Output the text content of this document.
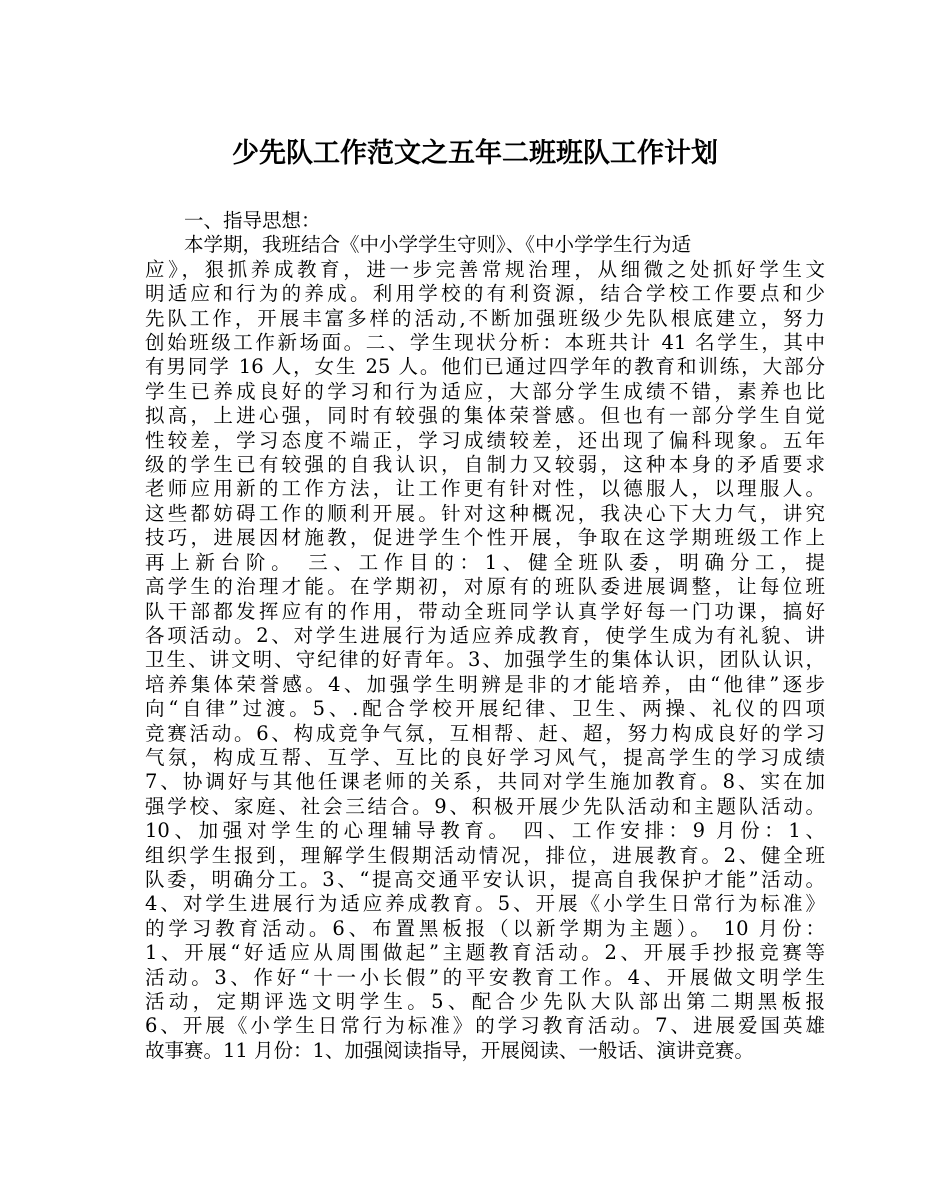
少先队工作范文之五年二班班队工作计划
一、指导思想：
本学期，我班结合《中小学学生守则》、《中小学学生行为适
应》，狠抓养成教育，进一步完善常规治理，从细微之处抓好学生文
明适应和行为的养成。利用学校的有利资源，结合学校工作要点和少
先队工作，开展丰富多样的活动,不断加强班级少先队根底建立，努力
创始班级工作新场面。二、学生现状分析：本班共计 41 名学生，其中
有男同学 16 人，女生 25 人。他们已通过四学年的教育和训练，大部分
学生已养成良好的学习和行为适应，大部分学生成绩不错，素养也比
拟高，上进心强，同时有较强的集体荣誉感。但也有一部分学生自觉
性较差，学习态度不端正，学习成绩较差，还出现了偏科现象。五年
级的学生已有较强的自我认识，自制力又较弱，这种本身的矛盾要求
老师应用新的工作方法，让工作更有针对性，以德服人，以理服人。
这些都妨碍工作的顺利开展。针对这种概况，我决心下大力气，讲究
技巧，进展因材施教，促进学生个性开展，争取在这学期班级工作上
再上新台阶。 三、工作目的：1、健全班队委，明确分工，提
高学生的治理才能。在学期初，对原有的班队委进展调整，让每位班
队干部都发挥应有的作用，带动全班同学认真学好每一门功课，搞好
各项活动。2、对学生进展行为适应养成教育，使学生成为有礼貌、讲
卫生、讲文明、守纪律的好青年。3、加强学生的集体认识，团队认识，
培养集体荣誉感。4、加强学生明辨是非的才能培养，由“他律”逐步
向“自律”过渡。5、.配合学校开展纪律、卫生、两操、礼仪的四项
竞赛活动。6、构成竞争气氛，互相帮、赶、超，努力构成良好的学习
气氛，构成互帮、互学、互比的良好学习风气，提高学生的学习成绩
7、协调好与其他任课老师的关系，共同对学生施加教育。8、实在加
强学校、家庭、社会三结合。9、积极开展少先队活动和主题队活动。
10、加强对学生的心理辅导教育。 四、工作安排：9 月份：1、
组织学生报到，理解学生假期活动情况，排位，进展教育。2、健全班
队委，明确分工。3、“提高交通平安认识，提高自我保护才能”活动。
4、对学生进展行为适应养成教育。5、开展《小学生日常行为标准》
的学习教育活动。6、布置黑板报（以新学期为主题）。 10 月份：
1、开展“好适应从周围做起”主题教育活动。2、开展手抄报竞赛等
活动。3、作好“十一小长假”的平安教育工作。4、开展做文明学生
活动，定期评选文明学生。5、配合少先队大队部出第二期黑板报
6、开展《小学生日常行为标准》的学习教育活动。7、进展爱国英雄
故事赛。11 月份：1、加强阅读指导，开展阅读、一般话、演讲竞赛。
